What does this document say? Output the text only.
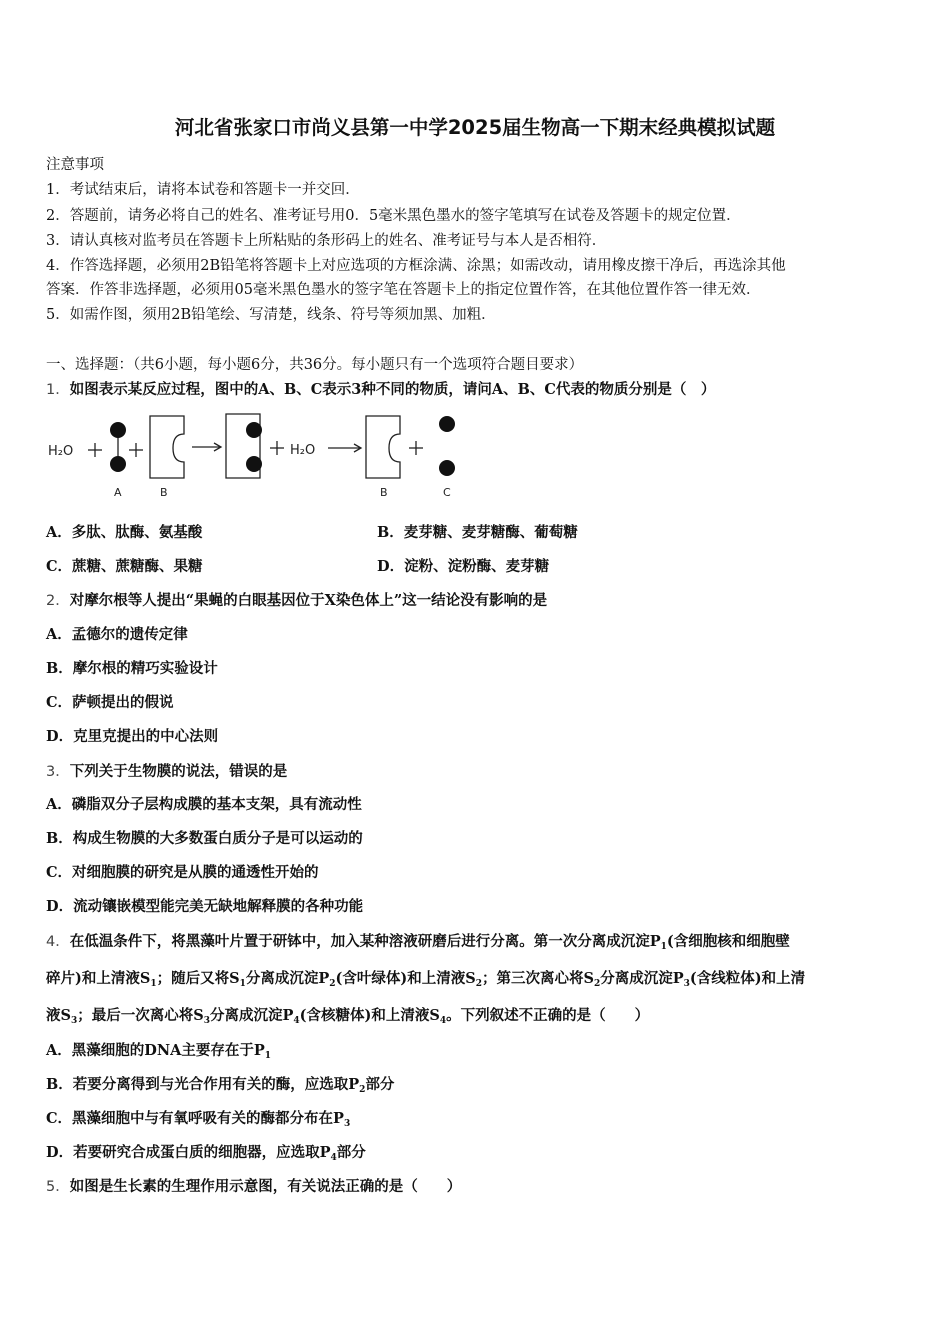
河北省张家口市尚义县第一中学2025届生物高一下期末经典模拟试题
注意事项
1．考试结束后，请将本试卷和答题卡一并交回．
2．答题前，请务必将自己的姓名、准考证号用0．5毫米黑色墨水的签字笔填写在试卷及答题卡的规定位置．
3．请认真核对监考员在答题卡上所粘贴的条形码上的姓名、准考证号与本人是否相符．
4．作答选择题，必须用2B铅笔将答题卡上对应选项的方框涂满、涂黑；如需改动，请用橡皮擦干净后，再选涂其他
答案．作答非选择题，必须用05毫米黑色墨水的签字笔在答题卡上的指定位置作答，在其他位置作答一律无效．
5．如需作图，须用2B铅笔绘、写清楚，线条、符号等须加黑、加粗．
一、选择题：（共6小题，每小题6分，共36分。每小题只有一个选项符合题目要求）
1．如图表示某反应过程，图中的A、B、C表示3种不同的物质，请问A、B、C代表的物质分别是（　）
H₂O	H₂O
A	B	B	C
A．多肽、肽酶、氨基酸	B．麦芽糖、麦芽糖酶、葡萄糖
C．蔗糖、蔗糖酶、果糖	D．淀粉、淀粉酶、麦芽糖
2．对摩尔根等人提出“果蝇的白眼基因位于X染色体上”这一结论没有影响的是
A．孟德尔的遗传定律
B．摩尔根的精巧实验设计
C．萨顿提出的假说
D．克里克提出的中心法则
3．下列关于生物膜的说法，错误的是
A．磷脂双分子层构成膜的基本支架，具有流动性
B．构成生物膜的大多数蛋白质分子是可以运动的
C．对细胞膜的研究是从膜的通透性开始的
D．流动镶嵌模型能完美无缺地解释膜的各种功能
4．在低温条件下，将黑藻叶片置于研钵中，加入某种溶液研磨后进行分离。第一次分离成沉淀$P_1$(含细胞核和细胞壁
碎片)和上清液$S_1$；随后又将$S_1$分离成沉淀$P_2$(含叶绿体)和上清液$S_2$；第三次离心将$S_2$分离成沉淀$P_3$(含线粒体)和上清
液$S_3$；最后一次离心将$S_3$分离成沉淀$P_4$(含核糖体)和上清液$S_4$。下列叙述不正确的是（　　）
A．黑藻细胞的DNA主要存在于$P_1$
B．若要分离得到与光合作用有关的酶，应选取$P_2$部分
C．黑藻细胞中与有氧呼吸有关的酶都分布在$P_3$
D．若要研究合成蛋白质的细胞器，应选取$P_4$部分
5．如图是生长素的生理作用示意图，有关说法正确的是（　　）
